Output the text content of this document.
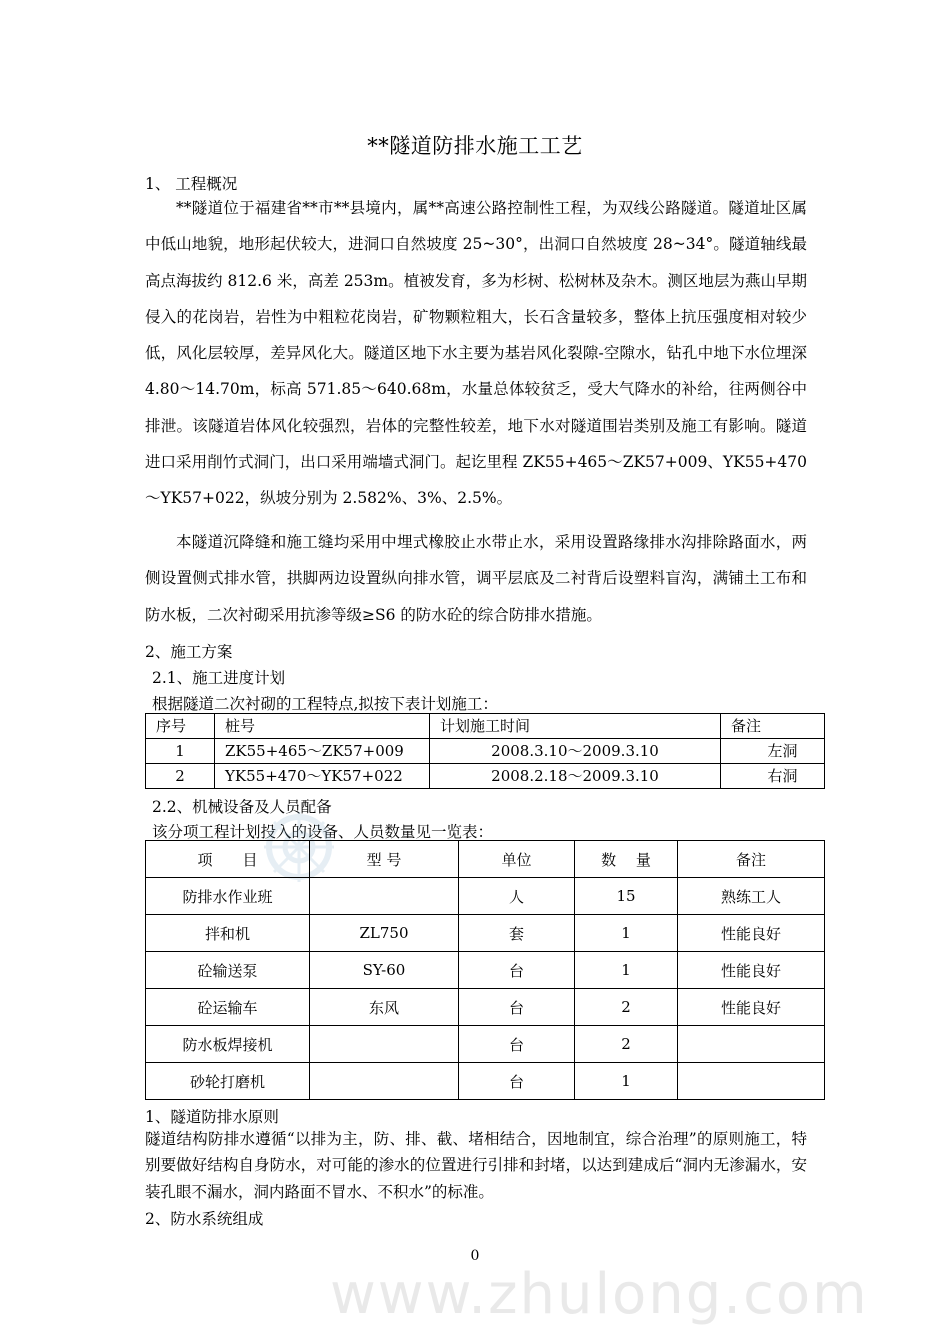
**隧道防排水施工工艺
1、 工程概况

**隧道位于福建省**市**县境内，属**高速公路控制性工程，为双线公路隧道。隧道址区属中低山地貌，地形起伏较大，进洞口自然坡度 25~30°，出洞口自然坡度 28~34°。隧道轴线最高点海拔约 812.6 米，高差 253m。植被发育，多为杉树、松树林及杂木。测区地层为燕山早期侵入的花岗岩，岩性为中粗粒花岗岩，矿物颗粒粗大，长石含量较多，整体上抗压强度相对较少低，风化层较厚，差异风化大。隧道区地下水主要为基岩风化裂隙-空隙水，钻孔中地下水位埋深 4.80～14.70m，标高 571.85～640.68m，水量总体较贫乏，受大气降水的补给，往两侧谷中排泄。该隧道岩体风化较强烈，岩体的完整性较差，地下水对隧道围岩类别及施工有影响。隧道进口采用削竹式洞门，出口采用端墙式洞门。起讫里程 ZK55+465～ZK57+009、YK55+470～YK57+022，纵坡分别为 2.582%、3%、2.5%。

本隧道沉降缝和施工缝均采用中埋式橡胶止水带止水，采用设置路缘排水沟排除路面水，两侧设置侧式排水管，拱脚两边设置纵向排水管，调平层底及二衬背后设塑料盲沟，满铺土工布和防水板，二次衬砌采用抗渗等级≥S6 的防水砼的综合防排水措施。

2、施工方案
2.1、施工进度计划
根据隧道二次衬砌的工程特点,拟按下表计划施工：
序号	桩号	计划施工时间	备注
1	ZK55+465～ZK57+009	2008.3.10～2009.3.10	左洞
2	YK55+470～YK57+022	2008.2.18～2009.3.10	右洞
2.2、机械设备及人员配备
该分项工程计划投入的设备、人员数量见一览表：
项　　目	型 号	单位	数　 量	备注
防排水作业班		人	15	熟练工人
拌和机	ZL750	套	1	性能良好
砼输送泵	SY-60	台	1	性能良好
砼运输车	东风	台	2	性能良好
防水板焊接机		台	2	
砂轮打磨机		台	1	
1、隧道防排水原则

隧道结构防排水遵循“以排为主，防、排、截、堵相结合，因地制宜，综合治理”的原则施工，特别要做好结构自身防水，对可能的渗水的位置进行引排和封堵，以达到建成后“洞内无渗漏水，安装孔眼不漏水，洞内路面不冒水、不积水”的标准。

2、防水系统组成
0
www.zhulong.com
